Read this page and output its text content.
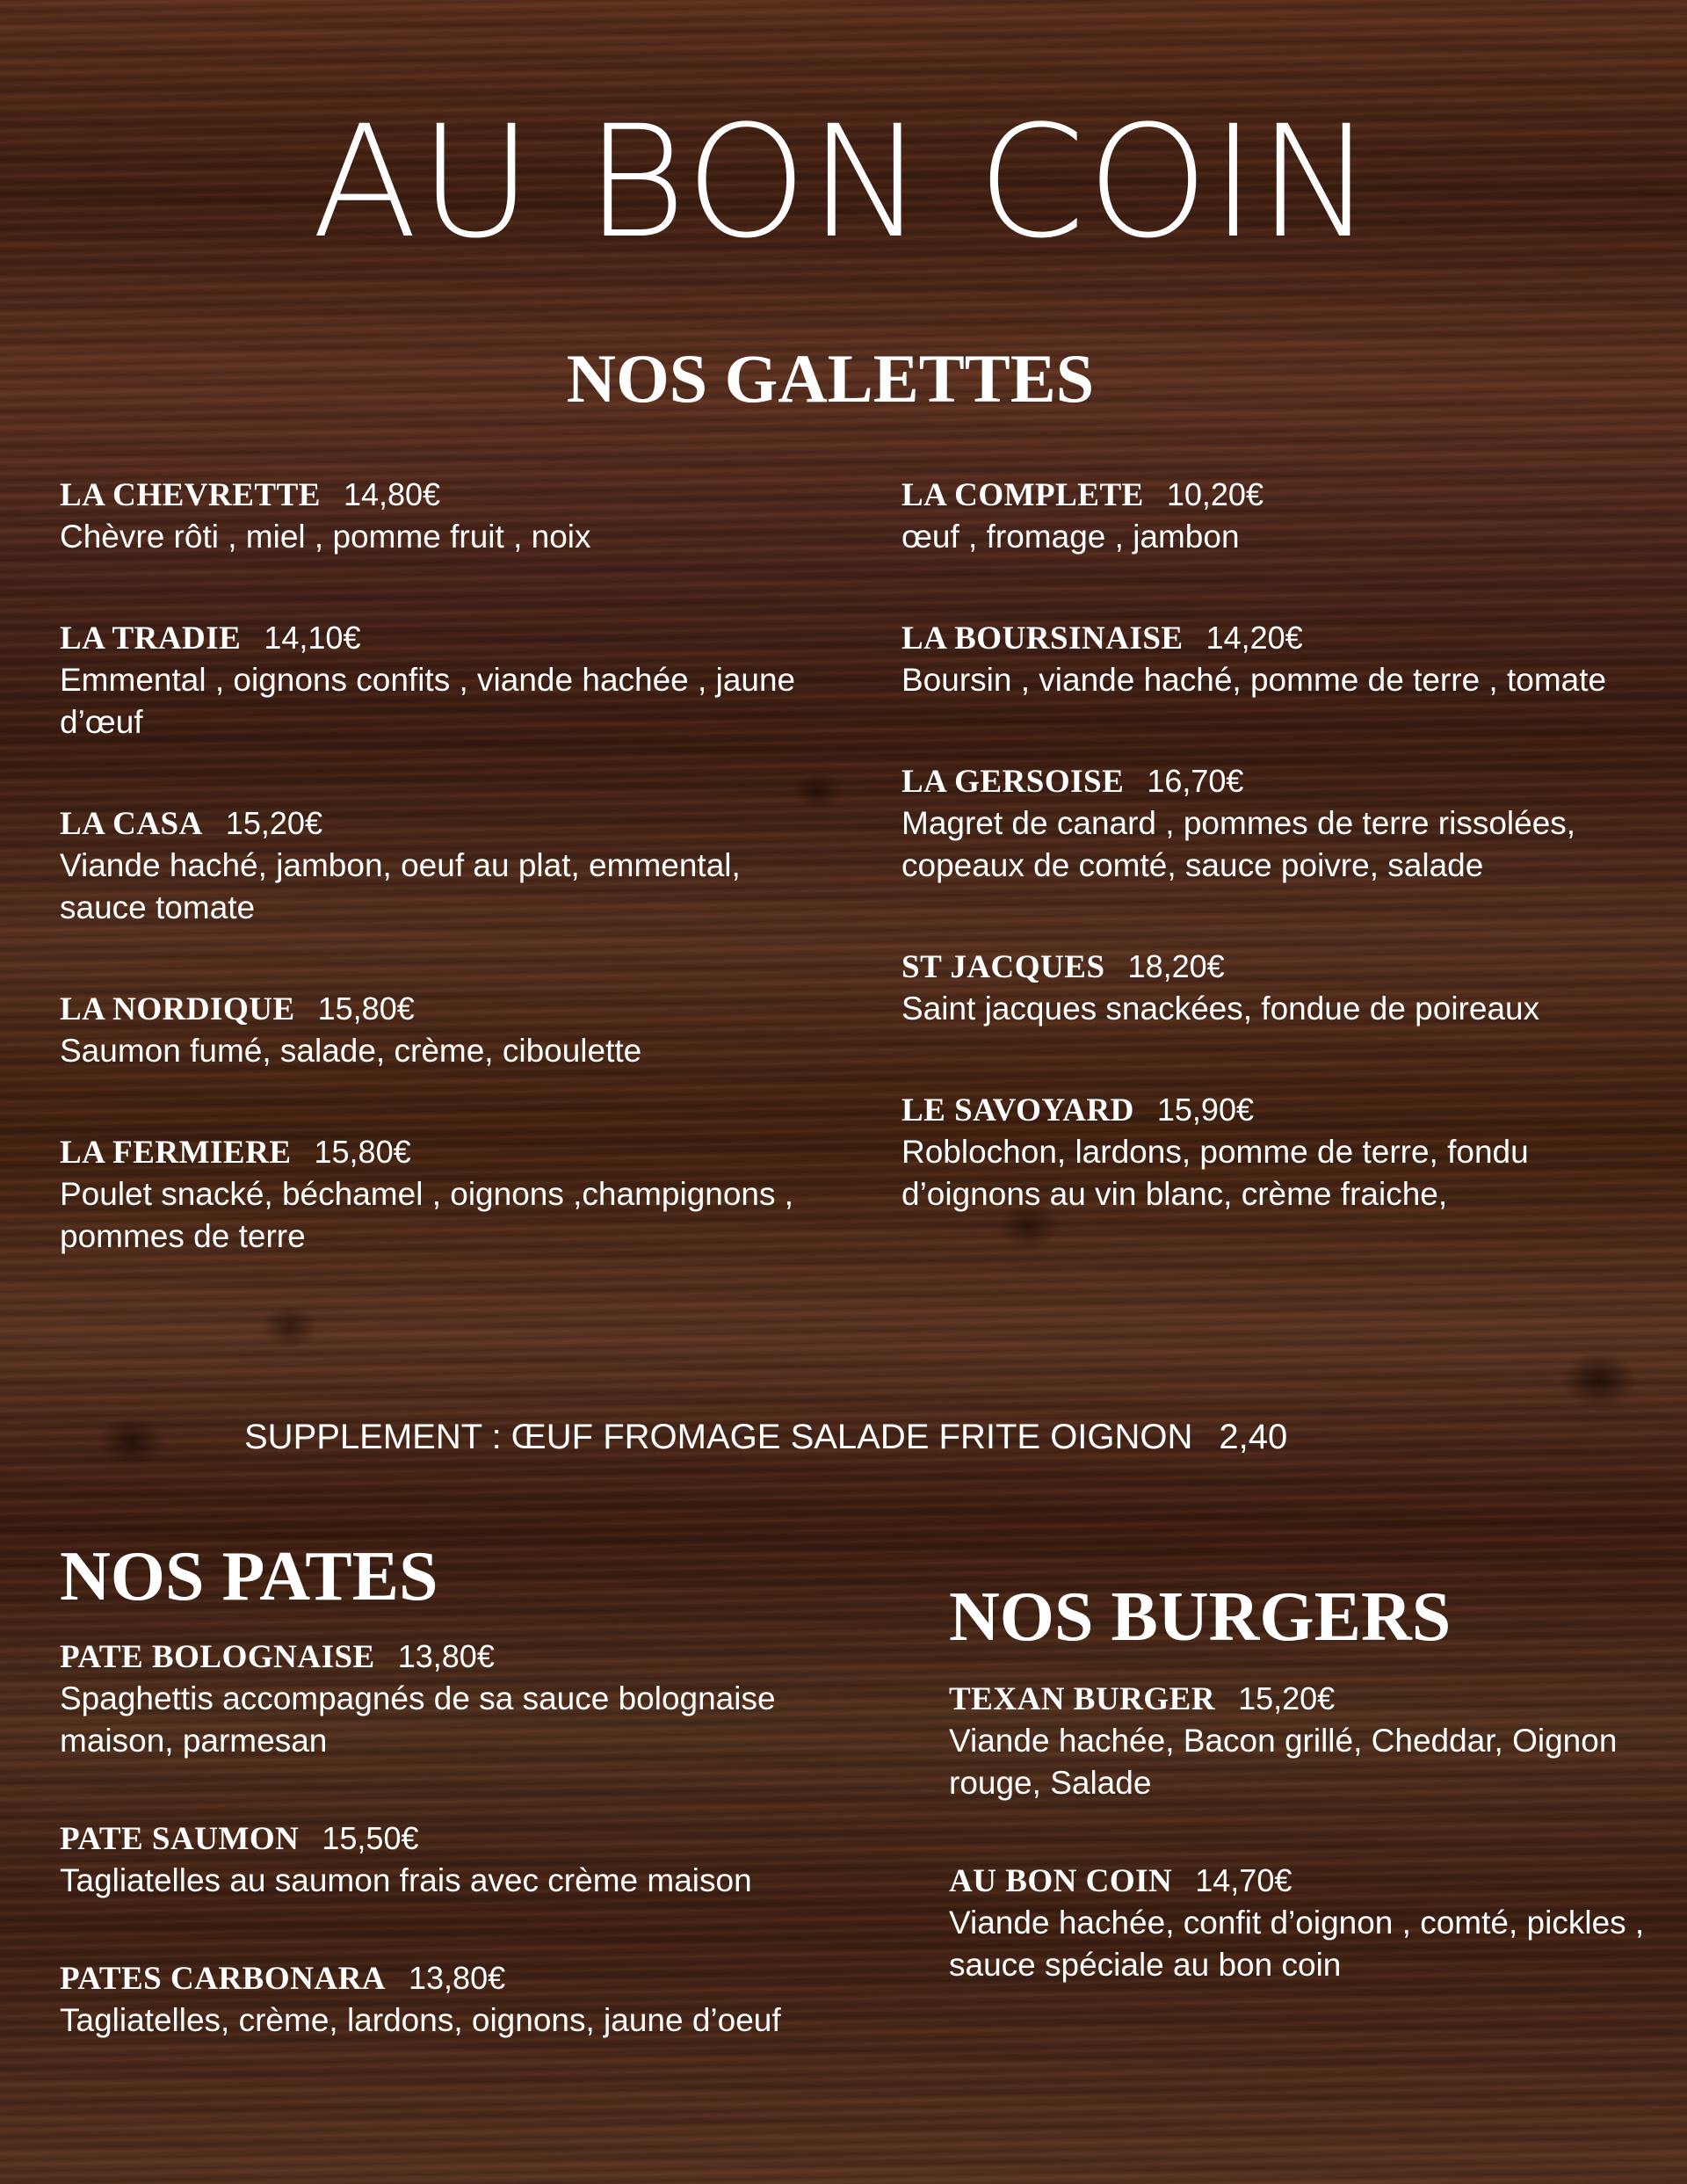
AU BON COIN
NOS GALETTES
LA CHEVRETTE 14,80€

Chèvre rôti , miel , pomme fruit , noix

LA TRADIE 14,10€

Emmental , oignons confits , viande hachée , jaune d’œuf

LA CASA 15,20€

Viande haché, jambon, oeuf au plat, emmental, sauce tomate

LA NORDIQUE 15,80€

Saumon fumé, salade, crème, ciboulette

LA FERMIERE 15,80€

Poulet snacké, béchamel , oignons ,champignons , pommes de terre

LA COMPLETE 10,20€

œuf , fromage , jambon

LA BOURSINAISE 14,20€

Boursin , viande haché, pomme de terre , tomate

LA GERSOISE 16,70€

Magret de canard , pommes de terre rissolées, copeaux de comté, sauce poivre, salade

ST JACQUES 18,20€

Saint jacques snackées, fondue de poireaux

LE SAVOYARD 15,90€

Roblochon, lardons, pomme de terre, fondu d’oignons au vin blanc, crème fraiche,

SUPPLEMENT : ŒUF FROMAGE SALADE FRITE OIGNON 2,40

NOS PATES
PATE BOLOGNAISE 13,80€

Spaghettis accompagnés de sa sauce bolognaise maison, parmesan

PATE SAUMON 15,50€

Tagliatelles au saumon frais avec crème maison

PATES CARBONARA 13,80€

Tagliatelles, crème, lardons, oignons, jaune d’oeuf

NOS BURGERS
TEXAN BURGER 15,20€

Viande hachée, Bacon grillé, Cheddar, Oignon rouge, Salade

AU BON COIN 14,70€

Viande hachée, confit d’oignon , comté, pickles , sauce spéciale au bon coin
